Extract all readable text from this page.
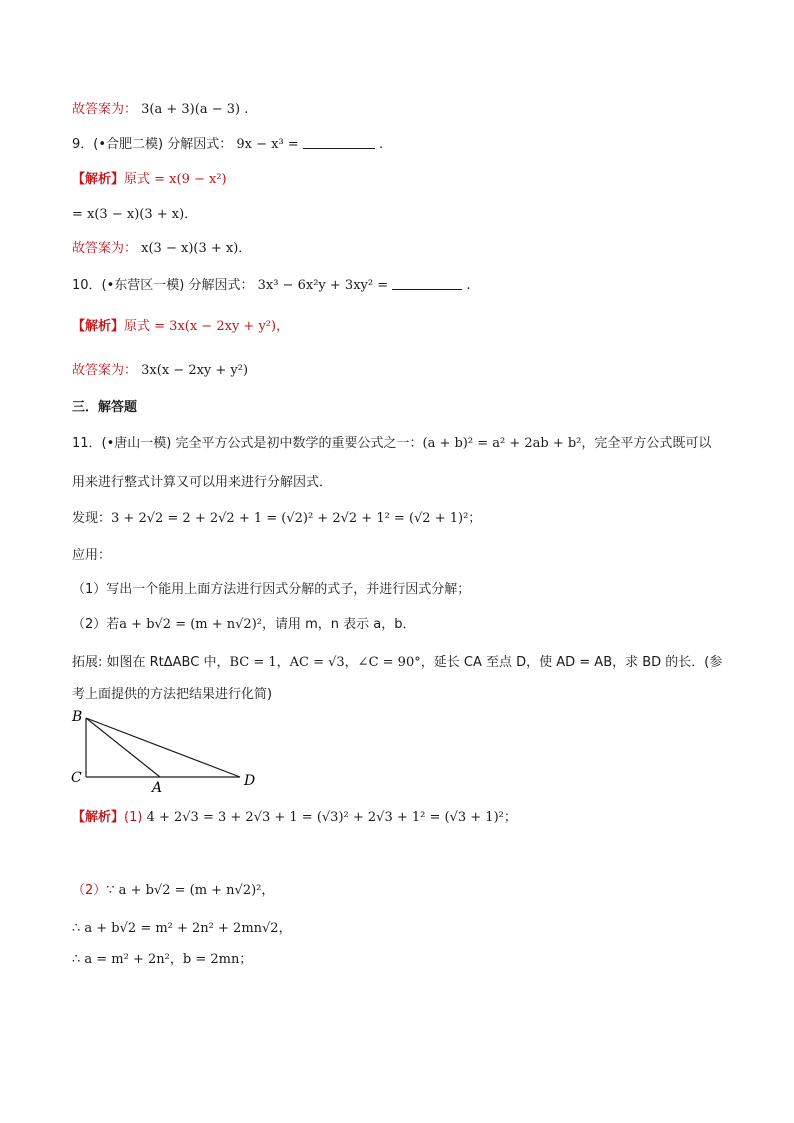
故答案为： 3(a + 3)(a − 3) .
9．(•合肥二模) 分解因式： 9x − x³ =	.
【解析】原式 = x(9 − x²)
= x(3 − x)(3 + x)．
故答案为： x(3 − x)(3 + x)．
10．(•东营区一模) 分解因式： 3x³ − 6x²y + 3xy² =	.
【解析】原式 = 3x(x − 2xy + y²)，
故答案为： 3x(x − 2xy + y²)
三．解答题
11．(•唐山一模) 完全平方公式是初中数学的重要公式之一：(a + b)² = a² + 2ab + b²，完全平方公式既可以
用来进行整式计算又可以用来进行分解因式．
发现：3 + 2√2 = 2 + 2√2 + 1 = (√2)² + 2√2 + 1² = (√2 + 1)²；
应用：
（1）写出一个能用上面方法进行因式分解的式子，并进行因式分解；
（2）若a + b√2 = (m + n√2)²，请用 m，n 表示 a，b．
拓展: 如图在 RtΔABC 中，BC = 1，AC = √3，∠C = 90°，延长 CA 至点 D，使 AD = AB，求 BD 的长．(参
考上面提供的方法把结果进行化简)
B
C
A	D
【解析】(1) 4 + 2√3 = 3 + 2√3 + 1 = (√3)² + 2√3 + 1² = (√3 + 1)²；
（2）∵ a + b√2 = (m + n√2)²，
∴ a + b√2 = m² + 2n² + 2mn√2，
∴ a = m² + 2n²，b = 2mn；
